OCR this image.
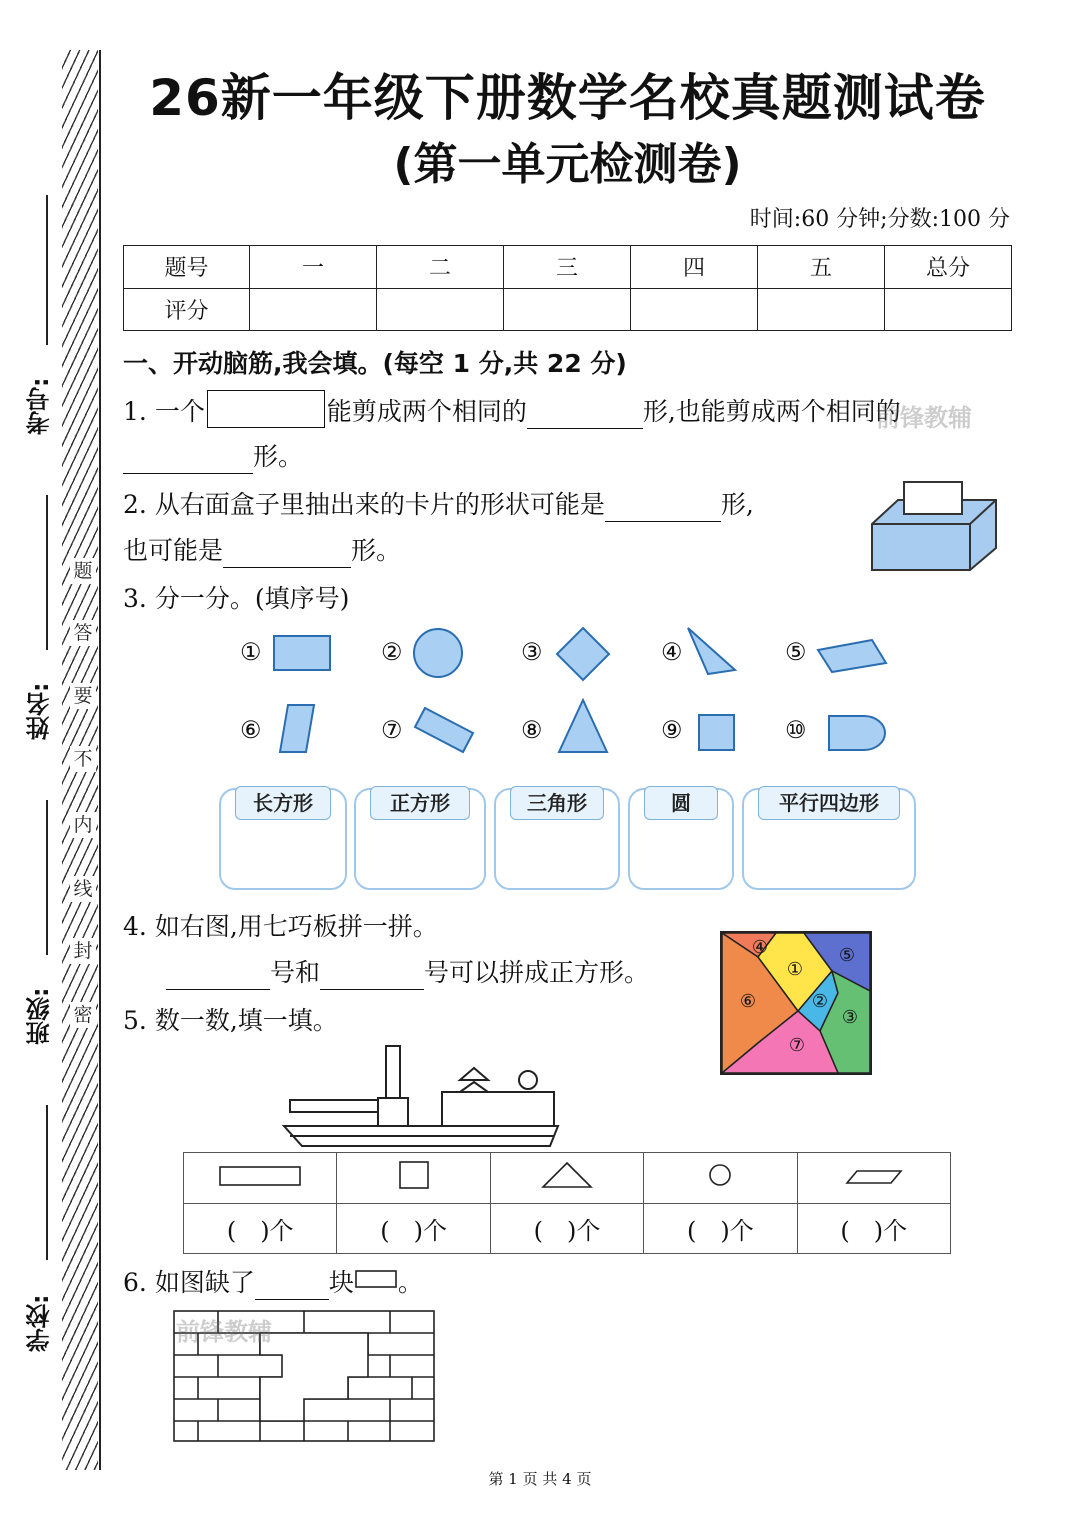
考号:
姓名:
班级:
学校:
题
答
要
不
内
线
封
密
26新一年级下册数学名校真题测试卷
(第一单元检测卷)
时间:60 分钟;分数:100 分
题号	一	二	三	四	五	总分
评分						
一、开动脑筋,我会填。(每空 1 分,共 22 分)
1. 一个	能剪成两个相同的	形,也能剪成两个相同的
前锋教辅
形。
2. 从右面盒子里抽出来的卡片的形状可能是	形,
也可能是	形。
3. 分一分。(填序号)
①	②	③	④	⑤
⑥	⑦	⑧	⑨	⑩
长方形	正方形	三角形	圆	平行四边形
4. 如右图,用七巧板拼一拼。
号和	号可以拼成正方形。
④
①
⑤
⑥	②
③
⑦
5. 数一数,填一填。

(　)个	(　)个	(　)个	(　)个	(　)个
6. 如图缺了	块 。
前锋教辅
第 1 页 共 4 页
